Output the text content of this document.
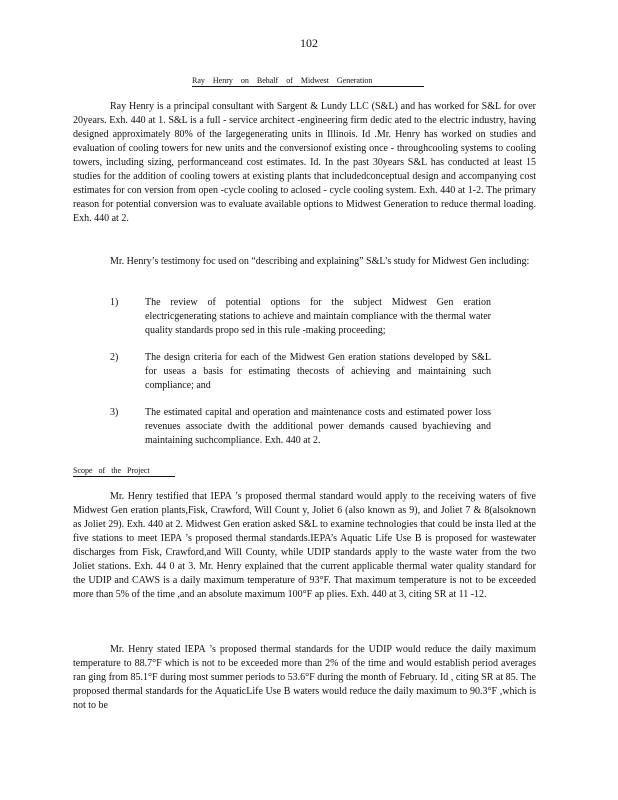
102
Ray Henry on Behalf of Midwest Generation

Ray Henry is a principal consultant with Sargent & Lundy LLC (S&L) and has worked for S&L for over 20years. Exh. 440 at 1. S&L is a full - service architect -engineering firm dedic ated to the electric industry, having designed approximately 80% of the largegenerating units in Illinois. Id .Mr. Henry has worked on studies and evaluation of cooling towers for new units and the conversionof existing once - throughcooling systems to cooling towers, including sizing, performanceand cost estimates. Id. In the past 30years S&L has conducted at least 15 studies for the addition of cooling towers at existing plants that includedconceptual design and accompanying cost estimates for con version from open -cycle cooling to aclosed - cycle cooling system. Exh. 440 at 1-2. The primary reason for potential conversion was to evaluate available options to Midwest Generation to reduce thermal loading. Exh. 440 at 2.

Mr. Henry’s testimony foc used on “describing and explaining” S&L’s study for Midwest Gen including:

1)	The review of potential options for the subject Midwest Gen eration electricgenerating stations to achieve and maintain compliance with the thermal water quality standards propo sed in this rule -making proceeding;
2)	The design criteria for each of the Midwest Gen eration stations developed by S&L for useas a basis for estimating thecosts of achieving and maintaining such compliance; and
3)	The estimated capital and operation and maintenance costs and estimated power loss revenues associate dwith the additional power demands caused byachieving and maintaining suchcompliance. Exh. 440 at 2.
Scope of the Project

Mr. Henry testified that IEPA ’s proposed thermal standard would apply to the receiving waters of five Midwest Gen eration plants,Fisk, Crawford, Will Count y, Joliet 6 (also known as 9), and Joliet 7 & 8(alsoknown as Joliet 29). Exh. 440 at 2. Midwest Gen eration asked S&L to examine technologies that could be insta lled at the five stations to meet IEPA ’s proposed thermal standards.IEPA’s Aquatic Life Use B is proposed for wastewater discharges from Fisk, Crawford,and Will County, while UDIP standards apply to the waste water from the two Joliet stations. Exh. 44 0 at 3. Mr. Henry explained that the current applicable thermal water quality standard for the UDIP and CAWS is a daily maximum temperature of 93°F. That maximum temperature is not to be exceeded more than 5% of the time ,and an absolute maximum 100°F ap plies. Exh. 440 at 3, citing SR at 11 -12.

Mr. Henry stated IEPA ’s proposed thermal standards for the UDIP would reduce the daily maximum temperature to 88.7°F which is not to be exceeded more than 2% of the time and would establish period averages ran ging from 85.1°F during most summer periods to 53.6°F during the month of February. Id , citing SR at 85. The proposed thermal standards for the AquaticLife Use B waters would reduce the daily maximum to 90.3°F ,which is not to be
